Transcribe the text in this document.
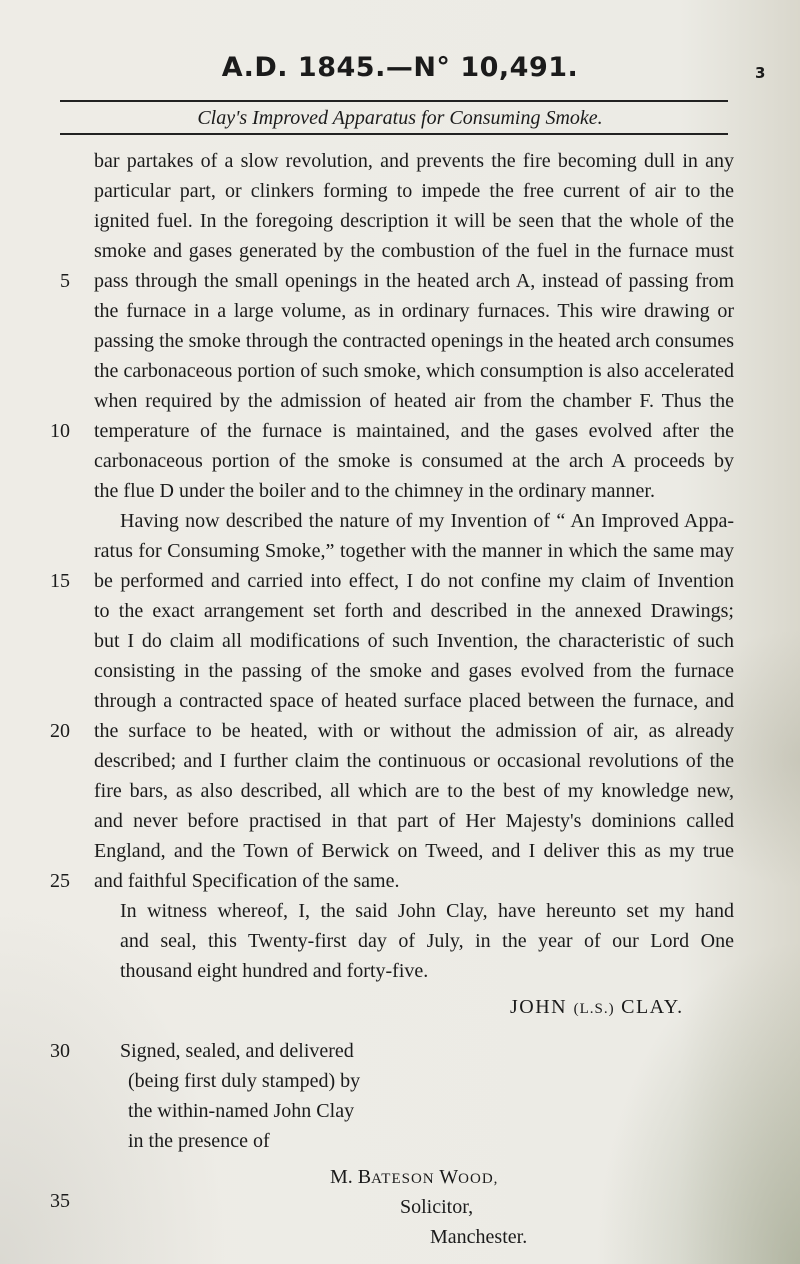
A.D. 1845.—N° 10,491.	3
Clay's Improved Apparatus for Consuming Smoke.
bar partakes of a slow revolution, and prevents the fire becoming dull in any
particular part, or clinkers forming to impede the free current of air to the
ignited fuel. In the foregoing description it will be seen that the whole of the
smoke and gases generated by the combustion of the fuel in the furnace must
pass through the small openings in the heated arch A, instead of passing from
the furnace in a large volume, as in ordinary furnaces. This wire drawing or
passing the smoke through the contracted openings in the heated arch consumes
the carbonaceous portion of such smoke, which consumption is also accelerated
when required by the admission of heated air from the chamber F. Thus the
temperature of the furnace is maintained, and the gases evolved after the
carbonaceous portion of the smoke is consumed at the arch A proceeds by
the flue D under the boiler and to the chimney in the ordinary manner.
Having now described the nature of my Invention of “ An Improved Appa-
ratus for Consuming Smoke,” together with the manner in which the same may
be performed and carried into effect, I do not confine my claim of Invention
to the exact arrangement set forth and described in the annexed Drawings;
but I do claim all modifications of such Invention, the characteristic of such
consisting in the passing of the smoke and gases evolved from the furnace
through a contracted space of heated surface placed between the furnace, and
the surface to be heated, with or without the admission of air, as already
described; and I further claim the continuous or occasional revolutions of the
fire bars, as also described, all which are to the best of my knowledge new,
and never before practised in that part of Her Majesty's dominions called
England, and the Town of Berwick on Tweed, and I deliver this as my true
and faithful Specification of the same.
In witness whereof, I, the said John Clay, have hereunto set my hand
and seal, this Twenty-first day of July, in the year of our Lord One
thousand eight hundred and forty-five.
5
10
15
20
25
30
35
JOHN (L.S.) CLAY.
Signed, sealed, and delivered
(being first duly stamped) by
the within-named John Clay
in the presence of
M. BATESON WOOD,
Solicitor,
Manchester.
